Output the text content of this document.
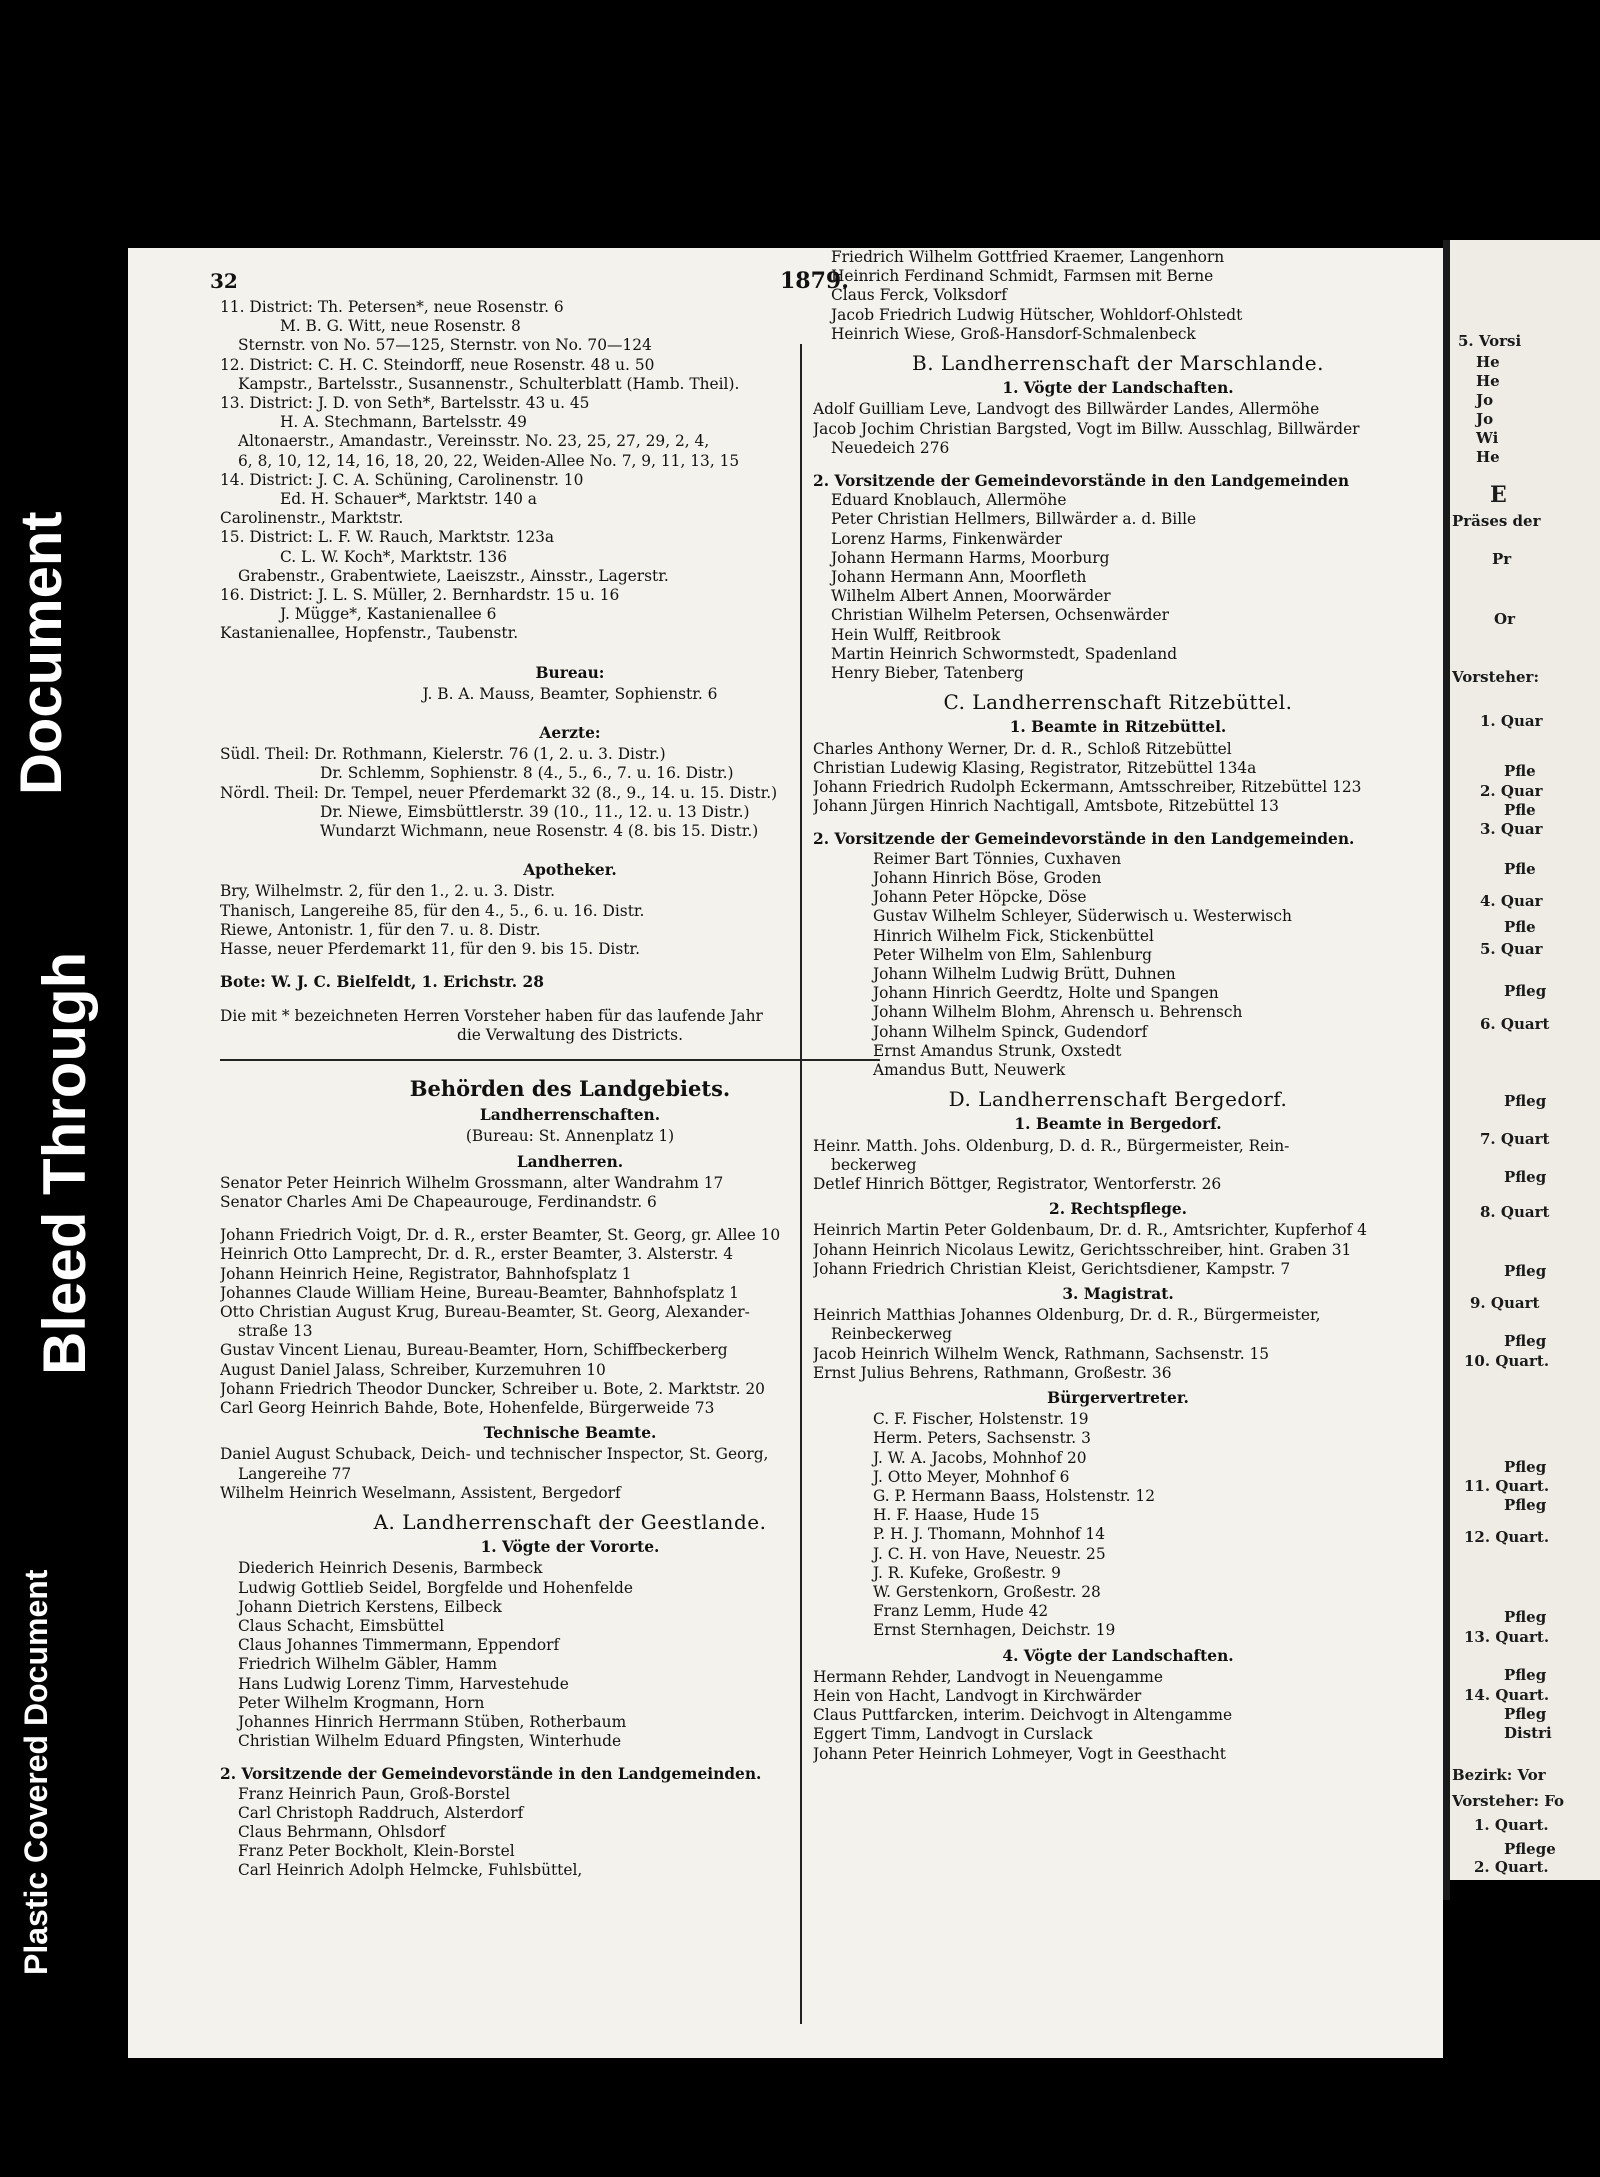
Document
Bleed Through
Plastic Covered Document
32	1879.
11. District: Th. Petersen*, neue Rosenstr. 6
M. B. G. Witt, neue Rosenstr. 8
Sternstr. von No. 57—125, Sternstr. von No. 70—124
12. District: C. H. C. Steindorff, neue Rosenstr. 48 u. 50
Kampstr., Bartelsstr., Susannenstr., Schulterblatt (Hamb. Theil).
13. District: J. D. von Seth*, Bartelsstr. 43 u. 45
H. A. Stechmann, Bartelsstr. 49
Altonaerstr., Amandastr., Vereinsstr. No. 23, 25, 27, 29, 2, 4,
6, 8, 10, 12, 14, 16, 18, 20, 22, Weiden-Allee No. 7, 9, 11, 13, 15
14. District: J. C. A. Schüning, Carolinenstr. 10
Ed. H. Schauer*, Marktstr. 140 a
Carolinenstr., Marktstr.
15. District: L. F. W. Rauch, Marktstr. 123a
C. L. W. Koch*, Marktstr. 136
Grabenstr., Grabentwiete, Laeiszstr., Ainsstr., Lagerstr.
16. District: J. L. S. Müller, 2. Bernhardstr. 15 u. 16
J. Mügge*, Kastanienallee 6
Kastanienallee, Hopfenstr., Taubenstr.
Bureau:
J. B. A. Mauss, Beamter, Sophienstr. 6
Aerzte:
Südl. Theil: Dr. Rothmann, Kielerstr. 76 (1, 2. u. 3. Distr.)
Dr. Schlemm, Sophienstr. 8 (4., 5., 6., 7. u. 16. Distr.)
Nördl. Theil: Dr. Tempel, neuer Pferdemarkt 32 (8., 9., 14. u. 15. Distr.)
Dr. Niewe, Eimsbüttlerstr. 39 (10., 11., 12. u. 13 Distr.)
Wundarzt Wichmann, neue Rosenstr. 4 (8. bis 15. Distr.)
Apotheker.
Bry, Wilhelmstr. 2, für den 1., 2. u. 3. Distr.
Thanisch, Langereihe 85, für den 4., 5., 6. u. 16. Distr.
Riewe, Antonistr. 1, für den 7. u. 8. Distr.
Hasse, neuer Pferdemarkt 11, für den 9. bis 15. Distr.
Bote: W. J. C. Bielfeldt, 1. Erichstr. 28
Die mit * bezeichneten Herren Vorsteher haben für das laufende Jahr
die Verwaltung des Districts.
Behörden des Landgebiets.
Landherrenschaften.
(Bureau: St. Annenplatz 1)
Landherren.
Senator Peter Heinrich Wilhelm Grossmann, alter Wandrahm 17
Senator Charles Ami De Chapeaurouge, Ferdinandstr. 6
Johann Friedrich Voigt, Dr. d. R., erster Beamter, St. Georg, gr. Allee 10
Heinrich Otto Lamprecht, Dr. d. R., erster Beamter, 3. Alsterstr. 4
Johann Heinrich Heine, Registrator, Bahnhofsplatz 1
Johannes Claude William Heine, Bureau-Beamter, Bahnhofsplatz 1
Otto Christian August Krug, Bureau-Beamter, St. Georg, Alexander-
straße 13
Gustav Vincent Lienau, Bureau-Beamter, Horn, Schiffbeckerberg
August Daniel Jalass, Schreiber, Kurzemuhren 10
Johann Friedrich Theodor Duncker, Schreiber u. Bote, 2. Marktstr. 20
Carl Georg Heinrich Bahde, Bote, Hohenfelde, Bürgerweide 73
Technische Beamte.
Daniel August Schuback, Deich- und technischer Inspector, St. Georg,
Langereihe 77
Wilhelm Heinrich Weselmann, Assistent, Bergedorf
A. Landherrenschaft der Geestlande.
1. Vögte der Vororte.
Diederich Heinrich Desenis, Barmbeck
Ludwig Gottlieb Seidel, Borgfelde und Hohenfelde
Johann Dietrich Kerstens, Eilbeck
Claus Schacht, Eimsbüttel
Claus Johannes Timmermann, Eppendorf
Friedrich Wilhelm Gäbler, Hamm
Hans Ludwig Lorenz Timm, Harvestehude
Peter Wilhelm Krogmann, Horn
Johannes Hinrich Herrmann Stüben, Rotherbaum
Christian Wilhelm Eduard Pfingsten, Winterhude
2. Vorsitzende der Gemeindevorstände in den Landgemeinden.
Franz Heinrich Paun, Groß-Borstel
Carl Christoph Raddruch, Alsterdorf
Claus Behrmann, Ohlsdorf
Franz Peter Bockholt, Klein-Borstel
Carl Heinrich Adolph Helmcke, Fuhlsbüttel,
Friedrich Wilhelm Gottfried Kraemer, Langenhorn
Heinrich Ferdinand Schmidt, Farmsen mit Berne
Claus Ferck, Volksdorf
Jacob Friedrich Ludwig Hütscher, Wohldorf-Ohlstedt
Heinrich Wiese, Groß-Hansdorf-Schmalenbeck
B. Landherrenschaft der Marschlande.
1. Vögte der Landschaften.
Adolf Guilliam Leve, Landvogt des Billwärder Landes, Allermöhe
Jacob Jochim Christian Bargsted, Vogt im Billw. Ausschlag, Billwärder
Neuedeich 276
2. Vorsitzende der Gemeindevorstände in den Landgemeinden
Eduard Knoblauch, Allermöhe
Peter Christian Hellmers, Billwärder a. d. Bille
Lorenz Harms, Finkenwärder
Johann Hermann Harms, Moorburg
Johann Hermann Ann, Moorfleth
Wilhelm Albert Annen, Moorwärder
Christian Wilhelm Petersen, Ochsenwärder
Hein Wulff, Reitbrook
Martin Heinrich Schwormstedt, Spadenland
Henry Bieber, Tatenberg
C. Landherrenschaft Ritzebüttel.
1. Beamte in Ritzebüttel.
Charles Anthony Werner, Dr. d. R., Schloß Ritzebüttel
Christian Ludewig Klasing, Registrator, Ritzebüttel 134a
Johann Friedrich Rudolph Eckermann, Amtsschreiber, Ritzebüttel 123
Johann Jürgen Hinrich Nachtigall, Amtsbote, Ritzebüttel 13
2. Vorsitzende der Gemeindevorstände in den Landgemeinden.
Reimer Bart Tönnies, Cuxhaven
Johann Hinrich Böse, Groden
Johann Peter Höpcke, Döse
Gustav Wilhelm Schleyer, Süderwisch u. Westerwisch
Hinrich Wilhelm Fick, Stickenbüttel
Peter Wilhelm von Elm, Sahlenburg
Johann Wilhelm Ludwig Brütt, Duhnen
Johann Hinrich Geerdtz, Holte und Spangen
Johann Wilhelm Blohm, Ahrensch u. Behrensch
Johann Wilhelm Spinck, Gudendorf
Ernst Amandus Strunk, Oxstedt
Amandus Butt, Neuwerk
D. Landherrenschaft Bergedorf.
1. Beamte in Bergedorf.
Heinr. Matth. Johs. Oldenburg, D. d. R., Bürgermeister, Rein-
beckerweg
Detlef Hinrich Böttger, Registrator, Wentorferstr. 26
2. Rechtspflege.
Heinrich Martin Peter Goldenbaum, Dr. d. R., Amtsrichter, Kupferhof 4
Johann Heinrich Nicolaus Lewitz, Gerichtsschreiber, hint. Graben 31
Johann Friedrich Christian Kleist, Gerichtsdiener, Kampstr. 7
3. Magistrat.
Heinrich Matthias Johannes Oldenburg, Dr. d. R., Bürgermeister,
Reinbeckerweg
Jacob Heinrich Wilhelm Wenck, Rathmann, Sachsenstr. 15
Ernst Julius Behrens, Rathmann, Großestr. 36
Bürgervertreter.
C. F. Fischer, Holstenstr. 19
Herm. Peters, Sachsenstr. 3
J. W. A. Jacobs, Mohnhof 20
J. Otto Meyer, Mohnhof 6
G. P. Hermann Baass, Holstenstr. 12
H. F. Haase, Hude 15
P. H. J. Thomann, Mohnhof 14
J. C. H. von Have, Neuestr. 25
J. R. Kufeke, Großestr. 9
W. Gerstenkorn, Großestr. 28
Franz Lemm, Hude 42
Ernst Sternhagen, Deichstr. 19
4. Vögte der Landschaften.
Hermann Rehder, Landvogt in Neuengamme
Hein von Hacht, Landvogt in Kirchwärder
Claus Puttfarcken, interim. Deichvogt in Altengamme
Eggert Timm, Landvogt in Curslack
Johann Peter Heinrich Lohmeyer, Vogt in Geesthacht
5. Vorsi
He
He
Jo
Jo
Wi
He
E
Präses der
Pr
Or
Vorsteher:
1. Quar
Pfle
2. Quar
Pfle
3. Quar
Pfle
4. Quar
Pfle
5. Quar
Pfleg
6. Quart
Pfleg
7. Quart
Pfleg
8. Quart
Pfleg
9. Quart
Pfleg
10. Quart.
Pfleg
11. Quart.
Pfleg
12. Quart.
Pfleg
13. Quart.
Pfleg
14. Quart.
Pfleg
Distri
Bezirk: Vor
Vorsteher: Fo
1. Quart.
Pflege
2. Quart.
